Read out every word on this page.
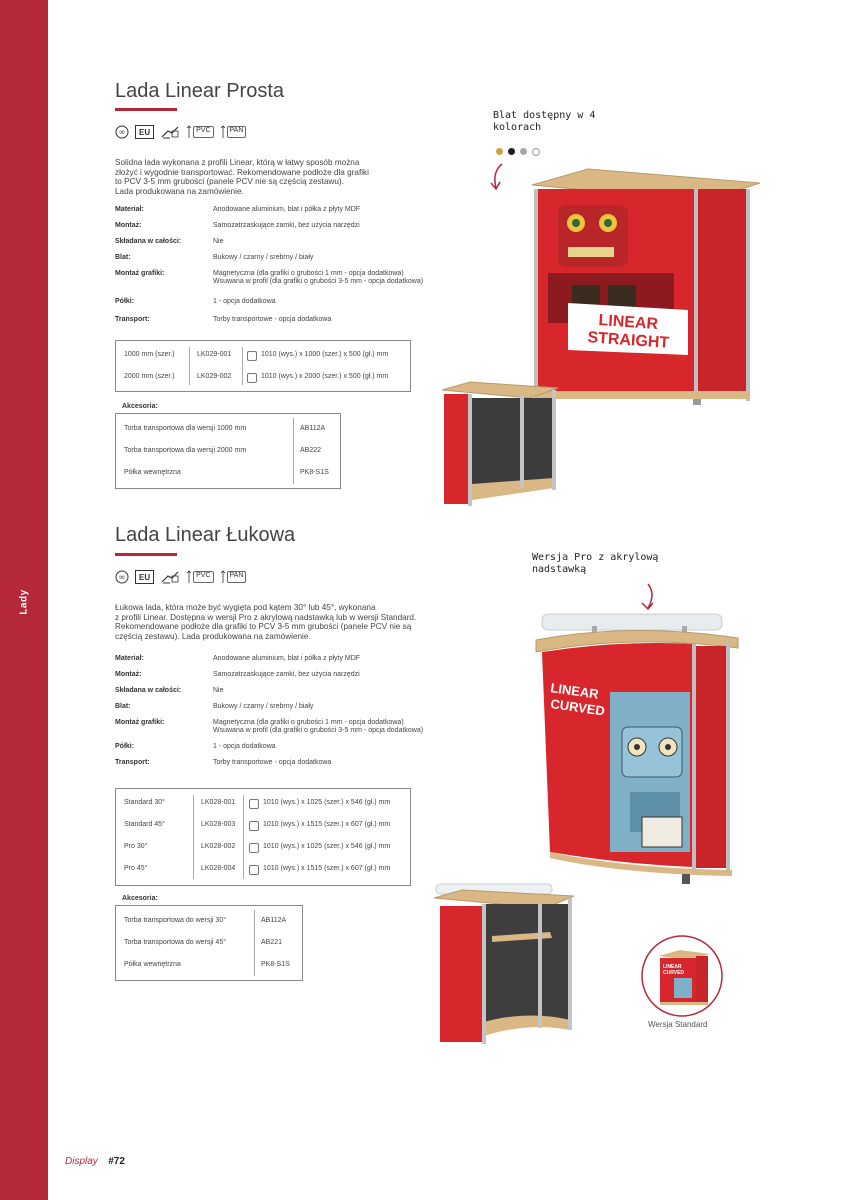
Lady
Lada Linear Prosta
∞	EU	PVC	PAN
Solidna lada wykonana z profili Linear, którą w łatwy sposób można
złożyć i wygodnie transportować. Rekomendowane podłoże dla grafiki
to PCV 3-5 mm grubości (panele PCV nie są częścią zestawu).
Lada produkowana na zamówienie.
Materiał:	Anodowane aluminium, blat i półka z płyty MDF
Montaż:	Samozatrzaskujące zamki, bez użycia narzędzi
Składana w całości:	Nie
Blat:	Bukowy / czarny / srebrny / biały
Montaż grafiki:	Magnetyczna (dla grafiki o grubości 1 mm - opcja dodatkowa)
Wsuwana w profil (dla grafiki o grubości 3-5 mm - opcja dodatkowa)
Półki:	1 - opcja dodatkowa
Transport:	Torby transportowe - opcja dodatkowa
1000 mm (szer.)	LK029-001	1010 (wys.) x 1000 (szer.) x 500 (gł.) mm
2000 mm (szer.)	LK029-002	1010 (wys.) x 2000 (szer.) x 500 (gł.) mm
Akcesoria:
Torba transportowa dla wersji 1000 mm	AB112A
Torba transportowa dla wersji 2000 mm	AB222
Półka wewnętrzna	PK8-S1S
Blat dostępny w 4
kolorach
LINEAR
STRAIGHT
Lada Linear Łukowa
∞	EU	PVC	PAN
Łukowa lada, która może być wygięta pod kątem 30° lub 45°, wykonana
z profili Linear. Dostępna w wersji Pro z akrylową nadstawką lub w wersji Standard.
Rekomendowane podłoże dla grafiki to PCV 3-5 mm grubości (panele PCV nie są
częścią zestawu). Lada produkowana na zamówienie.
Materiał:	Anodowane aluminium, blat i półka z płyty MDF
Montaż:	Samozatrzaskujące zamki, bez użycia narzędzi
Składana w całości:	Nie
Blat:	Bukowy / czarny / srebrny / biały
Montaż grafiki:	Magnetyczna (dla grafiki o grubości 1 mm - opcja dodatkowa)
Wsuwana w profil (dla grafiki o grubości 3-5 mm - opcja dodatkowa)
Półki:	1 - opcja dodatkowa
Transport:	Torby transportowe - opcja dodatkowa
Standard 30°	LK028-001	1010 (wys.) x 1025 (szer.) x 546 (gł.) mm
Standard 45°	LK028-003	1010 (wys.) x 1515 (szer.) x 607 (gł.) mm
Pro 30°	LK028-002	1010 (wys.) x 1025 (szer.) x 546 (gł.) mm
Pro 45°	LK028-004	1010 (wys.) x 1515 (szer.) x 607 (gł.) mm
Akcesoria:
Torba transportowa do wersji 30°	AB112A
Torba transportowa do wersji 45°	AB221
Półka wewnętrzna	PK8-S1S
Wersja Pro z akrylową
nadstawką
LINEAR
CURVED
LINEAR
CURVED
Wersja Standard
Display #72
